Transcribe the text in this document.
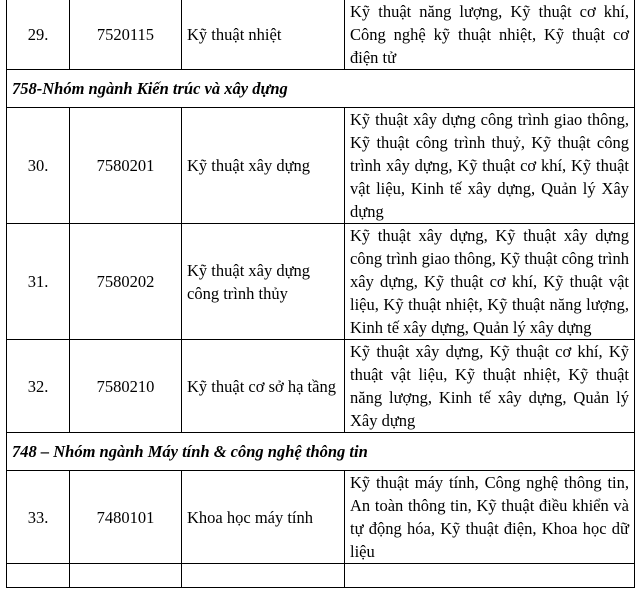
29.	7520115	Kỹ thuật nhiệt	Kỹ thuật năng lượng, Kỹ thuật cơ khí, Công nghệ kỹ thuật nhiệt, Kỹ thuật cơ điện tử
758-Nhóm ngành Kiến trúc và xây dựng			
30.	7580201	Kỹ thuật xây dựng	Kỹ thuật xây dựng công trình giao thông, Kỹ thuật công trình thuỷ, Kỹ thuật công trình xây dựng, Kỹ thuật cơ khí, Kỹ thuật vật liệu, Kinh tế xây dựng, Quản lý Xây dựng
31.	7580202	Kỹ thuật xây dựng công trình thủy	Kỹ thuật xây dựng, Kỹ thuật xây dựng công trình giao thông, Kỹ thuật công trình xây dựng, Kỹ thuật cơ khí, Kỹ thuật vật liệu, Kỹ thuật nhiệt, Kỹ thuật năng lượng, Kinh tế xây dựng, Quản lý xây dựng
32.	7580210	Kỹ thuật cơ sở hạ tầng	Kỹ thuật xây dựng, Kỹ thuật cơ khí, Kỹ thuật vật liệu, Kỹ thuật nhiệt, Kỹ thuật năng lượng, Kinh tế xây dựng, Quản lý Xây dựng
748 – Nhóm ngành Máy tính & công nghệ thông tin			
33.	7480101	Khoa học máy tính	Kỹ thuật máy tính, Công nghệ thông tin, An toàn thông tin, Kỹ thuật điều khiển và tự động hóa, Kỹ thuật điện, Khoa học dữ liệu
